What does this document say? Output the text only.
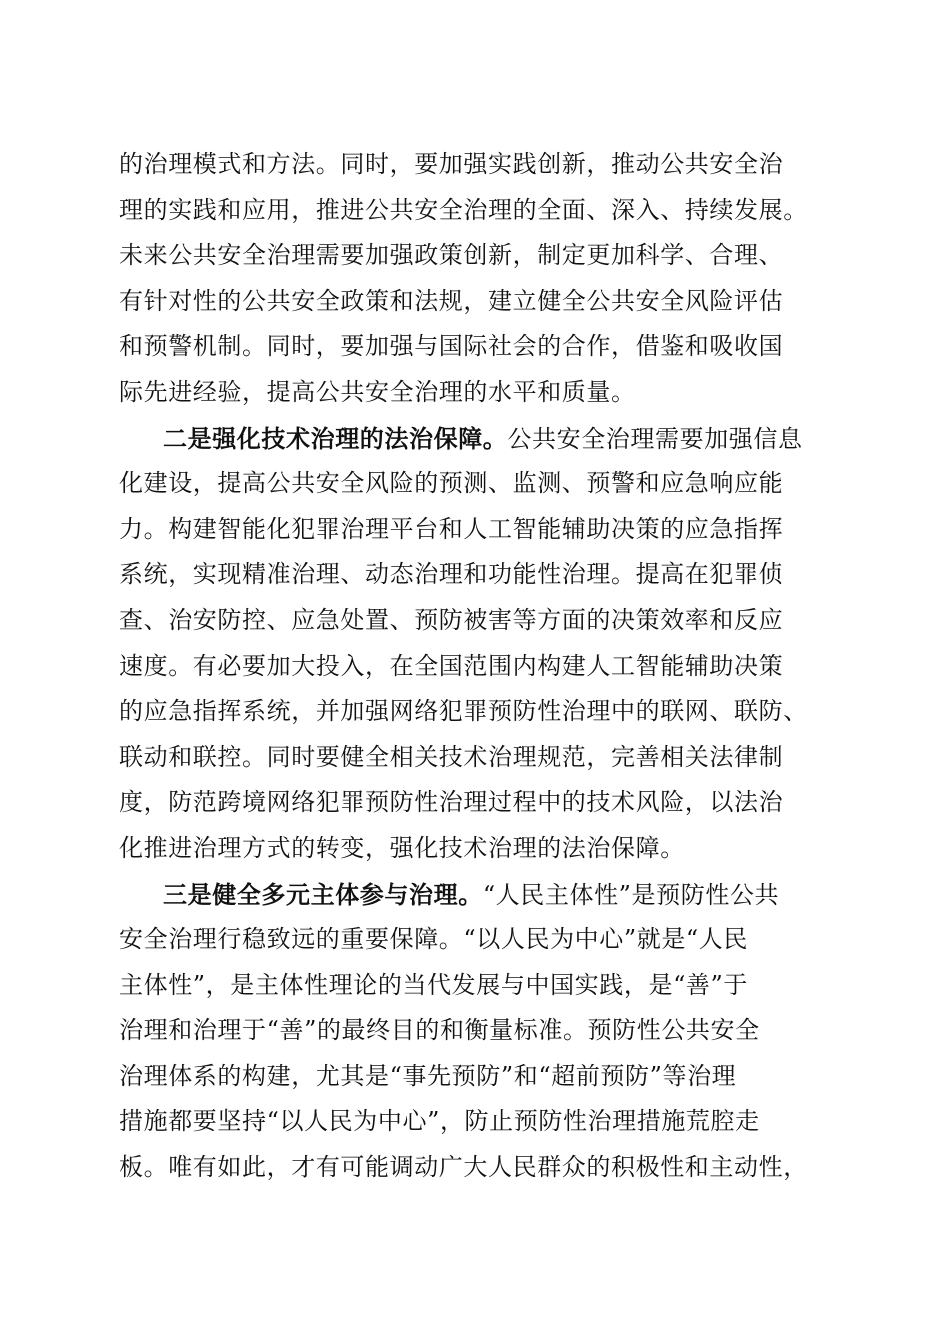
的治理模式和方法。同时，要加强实践创新，推动公共安全治
理的实践和应用，推进公共安全治理的全面、深入、持续发展。
未来公共安全治理需要加强政策创新，制定更加科学、合理、
有针对性的公共安全政策和法规，建立健全公共安全风险评估
和预警机制。同时，要加强与国际社会的合作，借鉴和吸收国
际先进经验，提高公共安全治理的水平和质量。
二是强化技术治理的法治保障。公共安全治理需要加强信息
化建设，提高公共安全风险的预测、监测、预警和应急响应能
力。构建智能化犯罪治理平台和人工智能辅助决策的应急指挥
系统，实现精准治理、动态治理和功能性治理。提高在犯罪侦
查、治安防控、应急处置、预防被害等方面的决策效率和反应
速度。有必要加大投入，在全国范围内构建人工智能辅助决策
的应急指挥系统，并加强网络犯罪预防性治理中的联网、联防、
联动和联控。同时要健全相关技术治理规范，完善相关法律制
度，防范跨境网络犯罪预防性治理过程中的技术风险，以法治
化推进治理方式的转变，强化技术治理的法治保障。
三是健全多元主体参与治理。“人民主体性”是预防性公共
安全治理行稳致远的重要保障。“以人民为中心”就是“人民
主体性”，是主体性理论的当代发展与中国实践，是“善”于
治理和治理于“善”的最终目的和衡量标准。预防性公共安全
治理体系的构建，尤其是“事先预防”和“超前预防”等治理
措施都要坚持“以人民为中心”，防止预防性治理措施荒腔走
板。唯有如此，才有可能调动广大人民群众的积极性和主动性，
